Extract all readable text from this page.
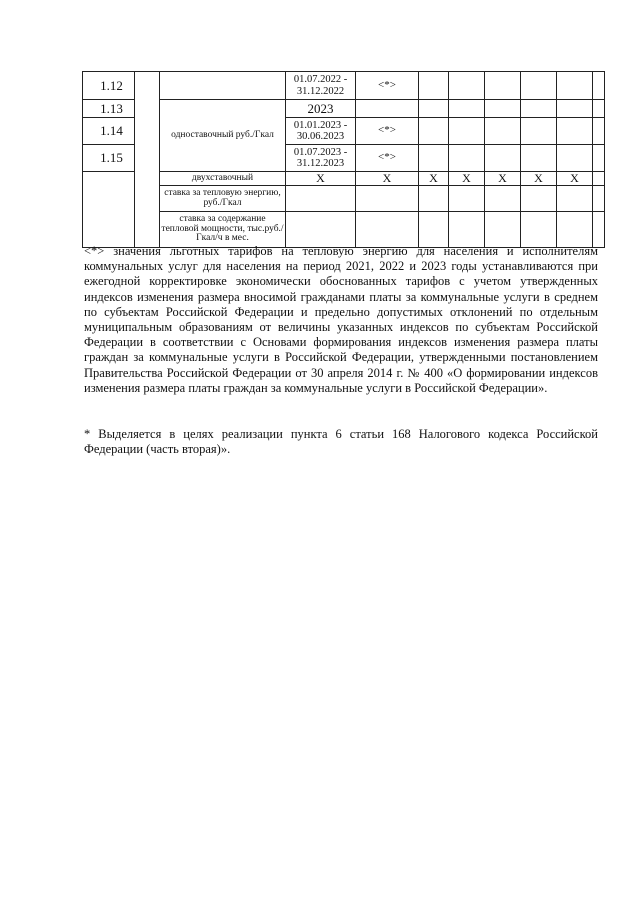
1.12			01.07.2022 - 31.12.2022	<*>						
1.13		одноставочный руб./Гкал	2023							
1.14			01.01.2023 - 30.06.2023	<*>						
1.15			01.07.2023 - 31.12.2023	<*>						
		двухставочный	X	X	X	X	X	X	X	
		ставка за тепловую энергию, руб./Гкал								
		ставка за содержание тепловой мощности, тыс.руб./Гкал/ч в мес.								

<*> значения льготных тарифов на тепловую энергию для населения и исполнителям коммунальных услуг для населения на период 2021, 2022 и 2023 годы устанавливаются при ежегодной корректировке экономически обоснованных тарифов с учетом утвержденных индексов изменения размера вносимой гражданами платы за коммунальные услуги в среднем по субъектам Российской Федерации и предельно допустимых отклонений по отдельным муниципальным образованиям от величины указанных индексов по субъектам Российской Федерации в соответствии с Основами формирования индексов изменения размера платы граждан за коммунальные услуги в Российской Федерации, утвержденными постановлением Правительства Российской Федерации от 30 апреля 2014 г. № 400 «О формировании индексов изменения размера платы граждан за коммунальные услуги в Российской Федерации».

* Выделяется в целях реализации пункта 6 статьи 168 Налогового кодекса Российской Федерации (часть вторая)».
